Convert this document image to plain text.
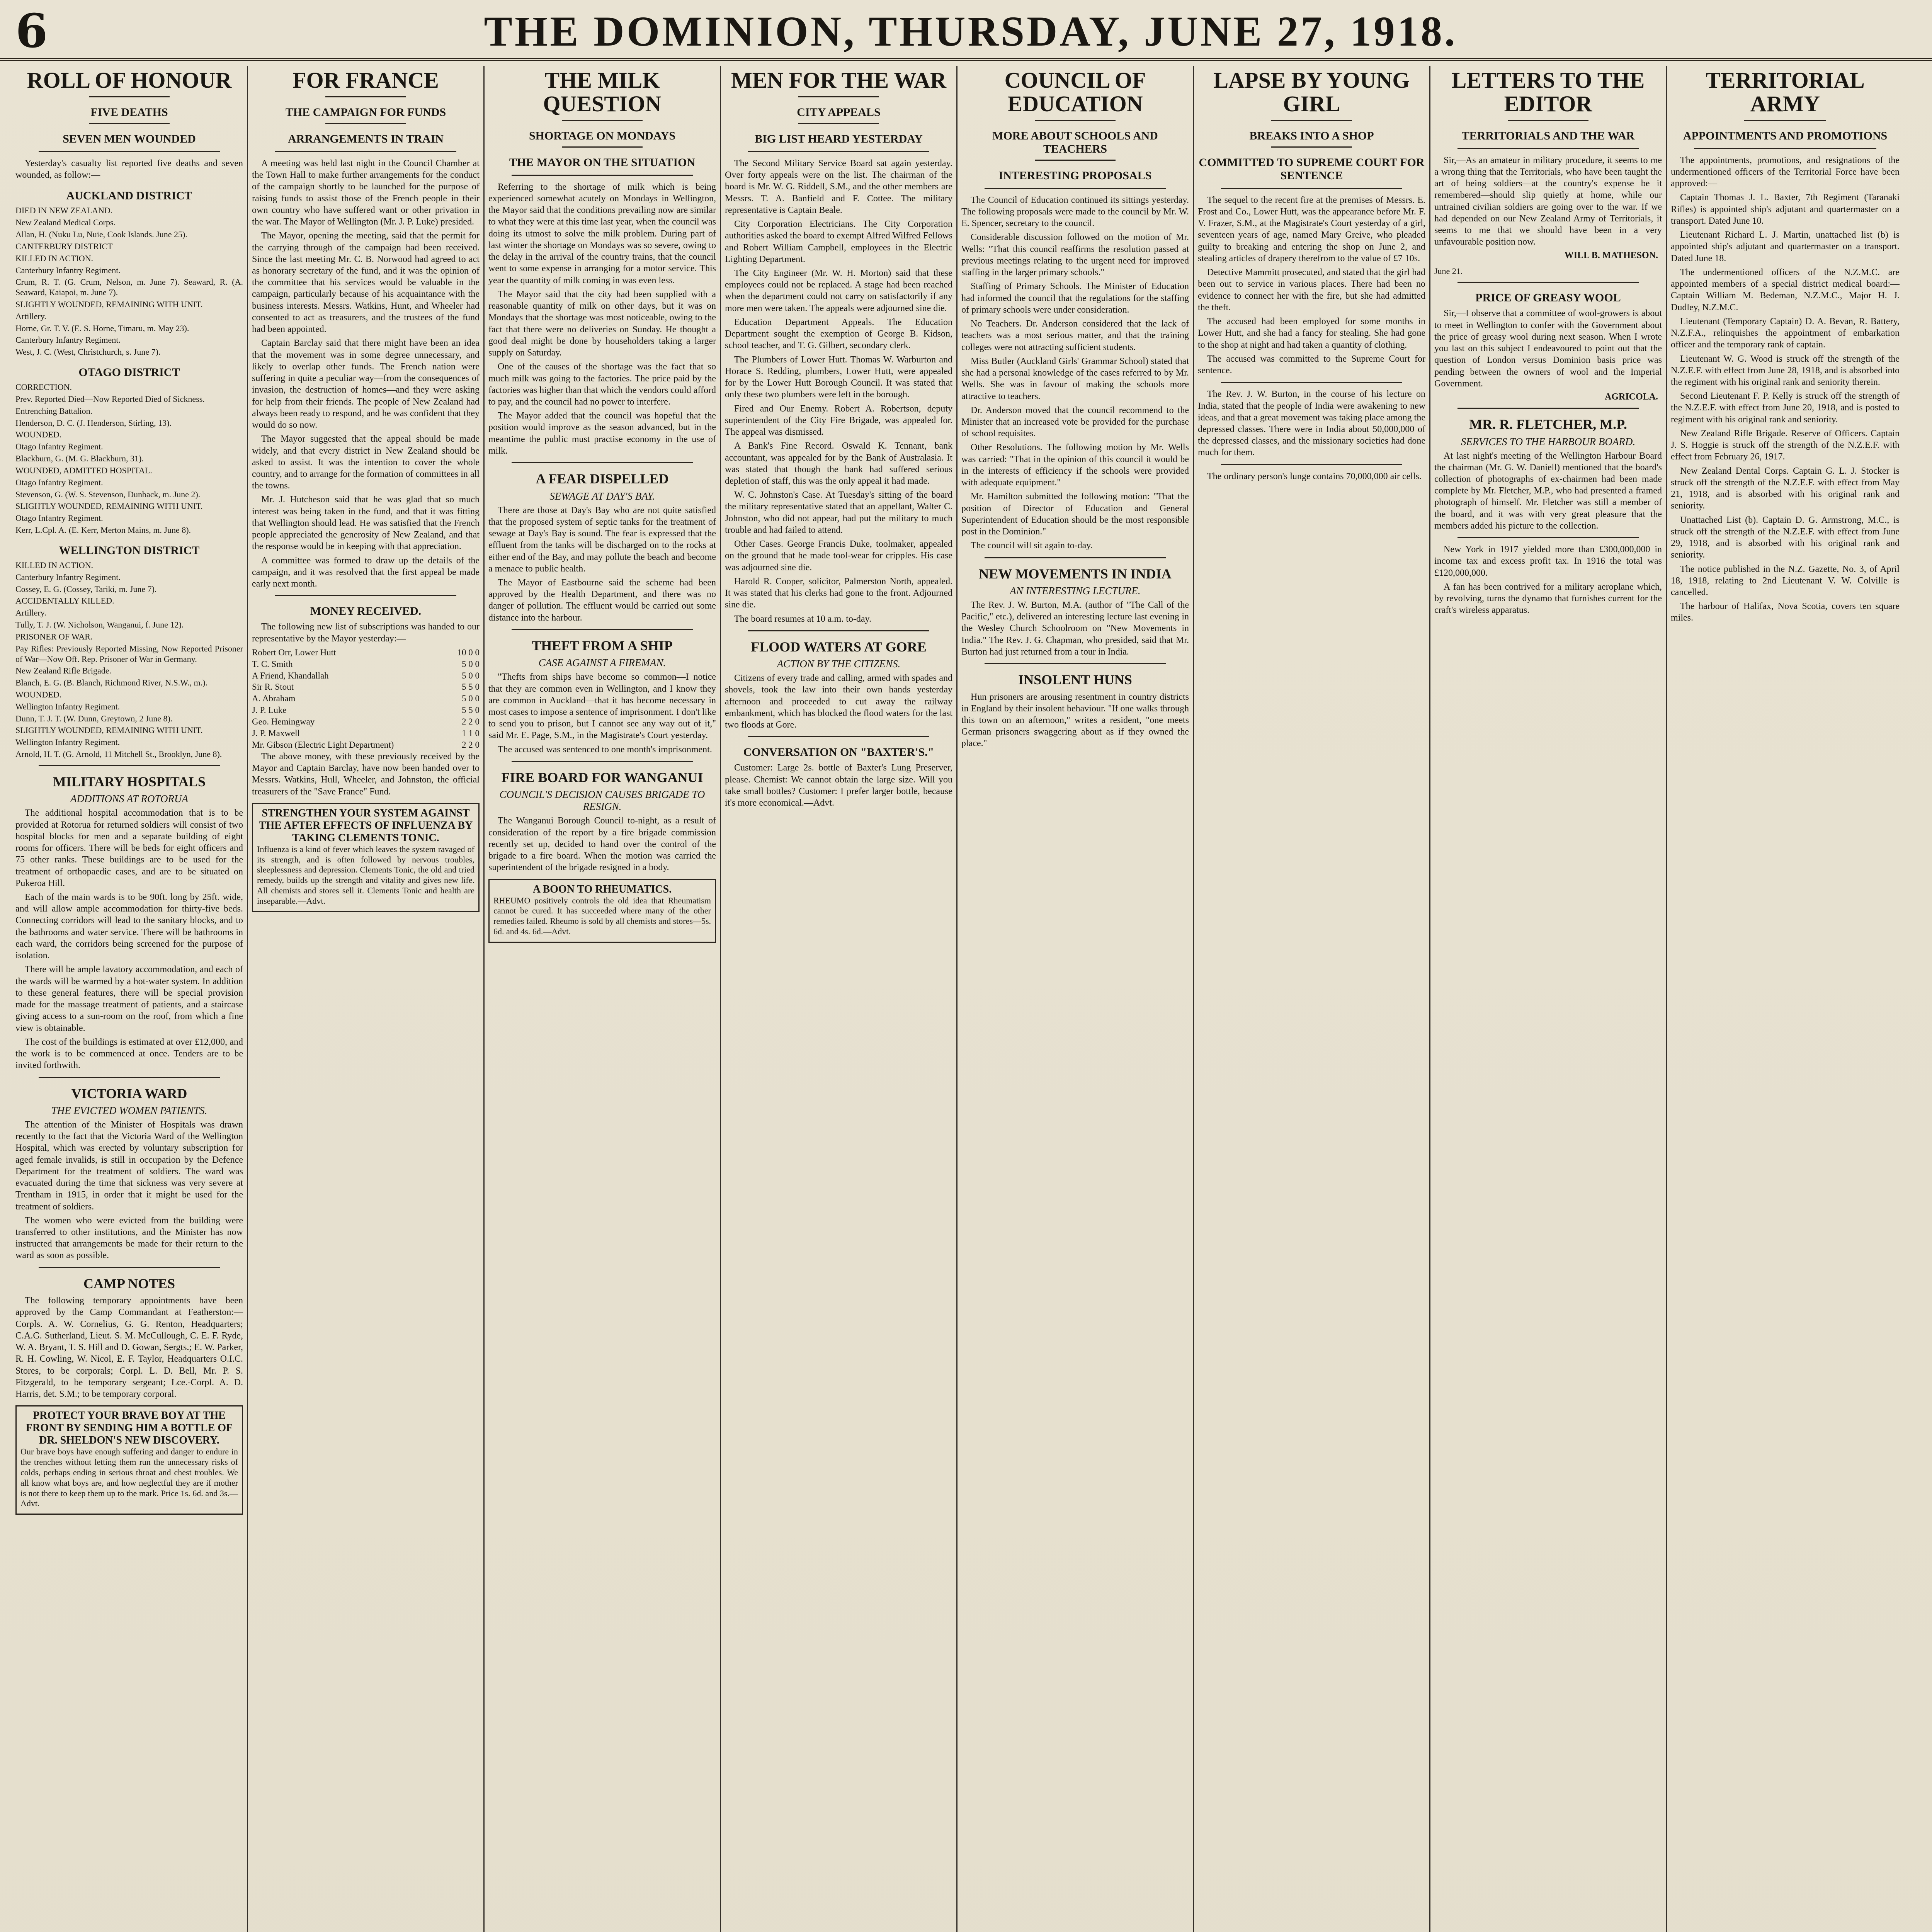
6	THE DOMINION, THURSDAY, JUNE 27, 1918.
ROLL OF HONOUR
FIVE DEATHS
SEVEN MEN WOUNDED

Yesterday's casualty list reported five deaths and seven wounded, as follow:—

AUCKLAND DISTRICT

DIED IN NEW ZEALAND.

New Zealand Medical Corps.

Allan, H. (Nuku Lu, Nuie, Cook Islands. June 25).

CANTERBURY DISTRICT

KILLED IN ACTION.

Canterbury Infantry Regiment.

Crum, R. T. (G. Crum, Nelson, m. June 7). Seaward, R. (A. Seaward, Kaiapoi, m. June 7).

SLIGHTLY WOUNDED, REMAINING WITH UNIT.

Artillery.

Horne, Gr. T. V. (E. S. Horne, Timaru, m. May 23).

Canterbury Infantry Regiment.

West, J. C. (West, Christchurch, s. June 7).

OTAGO DISTRICT

CORRECTION.

Prev. Reported Died—Now Reported Died of Sickness.

Entrenching Battalion.

Henderson, D. C. (J. Henderson, Stirling, 13).

WOUNDED.

Otago Infantry Regiment.

Blackburn, G. (M. G. Blackburn, 31).

WOUNDED, ADMITTED HOSPITAL.

Otago Infantry Regiment.

Stevenson, G. (W. S. Stevenson, Dunback, m. June 2).

SLIGHTLY WOUNDED, REMAINING WITH UNIT.

Otago Infantry Regiment.

Kerr, L.Cpl. A. (E. Kerr, Merton Mains, m. June 8).

WELLINGTON DISTRICT

KILLED IN ACTION.

Canterbury Infantry Regiment.

Cossey, E. G. (Cossey, Tariki, m. June 7).

ACCIDENTALLY KILLED.

Artillery.

Tully, T. J. (W. Nicholson, Wanganui, f. June 12).

PRISONER OF WAR.

Pay Rifles: Previously Reported Missing, Now Reported Prisoner of War—Now Off. Rep. Prisoner of War in Germany.

New Zealand Rifle Brigade.

Blanch, E. G. (B. Blanch, Richmond River, N.S.W., m.).

WOUNDED.

Wellington Infantry Regiment.

Dunn, T. J. T. (W. Dunn, Greytown, 2 June 8).

SLIGHTLY WOUNDED, REMAINING WITH UNIT.

Wellington Infantry Regiment.

Arnold, H. T. (G. Arnold, 11 Mitchell St., Brooklyn, June 8).

MILITARY HOSPITALS
ADDITIONS AT ROTORUA

The additional hospital accommodation that is to be provided at Rotorua for returned soldiers will consist of two hospital blocks for men and a separate building of eight rooms for officers. There will be beds for eight officers and 75 other ranks. These buildings are to be used for the treatment of orthopaedic cases, and are to be situated on Pukeroa Hill.

Each of the main wards is to be 90ft. long by 25ft. wide, and will allow ample accommodation for thirty-five beds. Connecting corridors will lead to the sanitary blocks, and to the bathrooms and water service. There will be bathrooms in each ward, the corridors being screened for the purpose of isolation.

There will be ample lavatory accommodation, and each of the wards will be warmed by a hot-water system. In addition to these general features, there will be special provision made for the massage treatment of patients, and a staircase giving access to a sun-room on the roof, from which a fine view is obtainable.

The cost of the buildings is estimated at over £12,000, and the work is to be commenced at once. Tenders are to be invited forthwith.

VICTORIA WARD
THE EVICTED WOMEN PATIENTS.

The attention of the Minister of Hospitals was drawn recently to the fact that the Victoria Ward of the Wellington Hospital, which was erected by voluntary subscription for aged female invalids, is still in occupation by the Defence Department for the treatment of soldiers. The ward was evacuated during the time that sickness was very severe at Trentham in 1915, in order that it might be used for the treatment of soldiers.

The women who were evicted from the building were transferred to other institutions, and the Minister has now instructed that arrangements be made for their return to the ward as soon as possible.

CAMP NOTES

The following temporary appointments have been approved by the Camp Commandant at Featherston:—Corpls. A. W. Cornelius, G. G. Renton, Headquarters; C.A.G. Sutherland, Lieut. S. M. McCullough, C. E. F. Ryde, W. A. Bryant, T. S. Hill and D. Gowan, Sergts.; E. W. Parker, R. H. Cowling, W. Nicol, E. F. Taylor, Headquarters O.I.C. Stores, to be corporals; Corpl. L. D. Bell, Mr. P. S. Fitzgerald, to be temporary sergeant; Lce.-Corpl. A. D. Harris, det. S.M.; to be temporary corporal.

PROTECT YOUR BRAVE BOY AT THE FRONT BY SENDING HIM A BOTTLE OF DR. SHELDON'S NEW DISCOVERY.

Our brave boys have enough suffering and danger to endure in the trenches without letting them run the unnecessary risks of colds, perhaps ending in serious throat and chest troubles. We all know what boys are, and how neglectful they are if mother is not there to keep them up to the mark. Price 1s. 6d. and 3s.—Advt.

FOR FRANCE
THE CAMPAIGN FOR FUNDS
ARRANGEMENTS IN TRAIN

A meeting was held last night in the Council Chamber at the Town Hall to make further arrangements for the conduct of the campaign shortly to be launched for the purpose of raising funds to assist those of the French people in their own country who have suffered want or other privation in the war. The Mayor of Wellington (Mr. J. P. Luke) presided.

The Mayor, opening the meeting, said that the permit for the carrying through of the campaign had been received. Since the last meeting Mr. C. B. Norwood had agreed to act as honorary secretary of the fund, and it was the opinion of the committee that his services would be valuable in the campaign, particularly because of his acquaintance with the business interests. Messrs. Watkins, Hunt, and Wheeler had consented to act as treasurers, and the trustees of the fund had been appointed.

Captain Barclay said that there might have been an idea that the movement was in some degree unnecessary, and likely to overlap other funds. The French nation were suffering in quite a peculiar way—from the consequences of invasion, the destruction of homes—and they were asking for help from their friends. The people of New Zealand had always been ready to respond, and he was confident that they would do so now.

The Mayor suggested that the appeal should be made widely, and that every district in New Zealand should be asked to assist. It was the intention to cover the whole country, and to arrange for the formation of committees in all the towns.

Mr. J. Hutcheson said that he was glad that so much interest was being taken in the fund, and that it was fitting that Wellington should lead. He was satisfied that the French people appreciated the generosity of New Zealand, and that the response would be in keeping with that appreciation.

A committee was formed to draw up the details of the campaign, and it was resolved that the first appeal be made early next month.

MONEY RECEIVED.

The following new list of subscriptions was handed to our representative by the Mayor yesterday:—

Robert Orr, Lower Hutt	10 0 0
T. C. Smith	5 0 0
A Friend, Khandallah	5 0 0
Sir R. Stout	5 5 0
A. Abraham	5 0 0
J. P. Luke	5 5 0
Geo. Hemingway	2 2 0
J. P. Maxwell	1 1 0
Mr. Gibson (Electric Light Department)	2 2 0

The above money, with these previously received by the Mayor and Captain Barclay, have now been handed over to Messrs. Watkins, Hull, Wheeler, and Johnston, the official treasurers of the "Save France" Fund.

STRENGTHEN YOUR SYSTEM AGAINST THE AFTER EFFECTS OF INFLUENZA BY TAKING CLEMENTS TONIC.

Influenza is a kind of fever which leaves the system ravaged of its strength, and is often followed by nervous troubles, sleeplessness and depression. Clements Tonic, the old and tried remedy, builds up the strength and vitality and gives new life. All chemists and stores sell it. Clements Tonic and health are inseparable.—Advt.

THE MILK QUESTION
SHORTAGE ON MONDAYS
THE MAYOR ON THE SITUATION

Referring to the shortage of milk which is being experienced somewhat acutely on Mondays in Wellington, the Mayor said that the conditions prevailing now are similar to what they were at this time last year, when the council was doing its utmost to solve the milk problem. During part of last winter the shortage on Mondays was so severe, owing to the delay in the arrival of the country trains, that the council went to some expense in arranging for a motor service. This year the quantity of milk coming in was even less.

The Mayor said that the city had been supplied with a reasonable quantity of milk on other days, but it was on Mondays that the shortage was most noticeable, owing to the fact that there were no deliveries on Sunday. He thought a good deal might be done by householders taking a larger supply on Saturday.

One of the causes of the shortage was the fact that so much milk was going to the factories. The price paid by the factories was higher than that which the vendors could afford to pay, and the council had no power to interfere.

The Mayor added that the council was hopeful that the position would improve as the season advanced, but in the meantime the public must practise economy in the use of milk.

A FEAR DISPELLED
SEWAGE AT DAY'S BAY.

There are those at Day's Bay who are not quite satisfied that the proposed system of septic tanks for the treatment of sewage at Day's Bay is sound. The fear is expressed that the effluent from the tanks will be discharged on to the rocks at either end of the Bay, and may pollute the beach and become a menace to public health.

The Mayor of Eastbourne said the scheme had been approved by the Health Department, and there was no danger of pollution. The effluent would be carried out some distance into the harbour.

THEFT FROM A SHIP
CASE AGAINST A FIREMAN.

"Thefts from ships have become so common—I notice that they are common even in Wellington, and I know they are common in Auckland—that it has become necessary in most cases to impose a sentence of imprisonment. I don't like to send you to prison, but I cannot see any way out of it," said Mr. E. Page, S.M., in the Magistrate's Court yesterday.

The accused was sentenced to one month's imprisonment.

FIRE BOARD FOR WANGANUI
COUNCIL'S DECISION CAUSES BRIGADE TO RESIGN.

The Wanganui Borough Council to-night, as a result of consideration of the report by a fire brigade commission recently set up, decided to hand over the control of the brigade to a fire board. When the motion was carried the superintendent of the brigade resigned in a body.

A BOON TO RHEUMATICS.

RHEUMO positively controls the old idea that Rheumatism cannot be cured. It has succeeded where many of the other remedies failed. Rheumo is sold by all chemists and stores—5s. 6d. and 4s. 6d.—Advt.

MEN FOR THE WAR
CITY APPEALS
BIG LIST HEARD YESTERDAY

The Second Military Service Board sat again yesterday. Over forty appeals were on the list. The chairman of the board is Mr. W. G. Riddell, S.M., and the other members are Messrs. T. A. Banfield and F. Cottee. The military representative is Captain Beale.

City Corporation Electricians. The City Corporation authorities asked the board to exempt Alfred Wilfred Fellows and Robert William Campbell, employees in the Electric Lighting Department.

The City Engineer (Mr. W. H. Morton) said that these employees could not be replaced. A stage had been reached when the department could not carry on satisfactorily if any more men were taken. The appeals were adjourned sine die.

Education Department Appeals. The Education Department sought the exemption of George B. Kidson, school teacher, and T. G. Gilbert, secondary clerk.

The Plumbers of Lower Hutt. Thomas W. Warburton and Horace S. Redding, plumbers, Lower Hutt, were appealed for by the Lower Hutt Borough Council. It was stated that only these two plumbers were left in the borough.

Fired and Our Enemy. Robert A. Robertson, deputy superintendent of the City Fire Brigade, was appealed for. The appeal was dismissed.

A Bank's Fine Record. Oswald K. Tennant, bank accountant, was appealed for by the Bank of Australasia. It was stated that though the bank had suffered serious depletion of staff, this was the only appeal it had made.

W. C. Johnston's Case. At Tuesday's sitting of the board the military representative stated that an appellant, Walter C. Johnston, who did not appear, had put the military to much trouble and had failed to attend.

Other Cases. George Francis Duke, toolmaker, appealed on the ground that he made tool-wear for cripples. His case was adjourned sine die.

Harold R. Cooper, solicitor, Palmerston North, appealed. It was stated that his clerks had gone to the front. Adjourned sine die.

The board resumes at 10 a.m. to-day.

FLOOD WATERS AT GORE
ACTION BY THE CITIZENS.

Citizens of every trade and calling, armed with spades and shovels, took the law into their own hands yesterday afternoon and proceeded to cut away the railway embankment, which has blocked the flood waters for the last two floods at Gore.

CONVERSATION ON "BAXTER'S."

Customer: Large 2s. bottle of Baxter's Lung Preserver, please. Chemist: We cannot obtain the large size. Will you take small bottles? Customer: I prefer larger bottle, because it's more economical.—Advt.

COUNCIL OF EDUCATION
MORE ABOUT SCHOOLS AND TEACHERS
INTERESTING PROPOSALS

The Council of Education continued its sittings yesterday. The following proposals were made to the council by Mr. W. E. Spencer, secretary to the council.

Considerable discussion followed on the motion of Mr. Wells: "That this council reaffirms the resolution passed at previous meetings relating to the urgent need for improved staffing in the larger primary schools."

Staffing of Primary Schools. The Minister of Education had informed the council that the regulations for the staffing of primary schools were under consideration.

No Teachers. Dr. Anderson considered that the lack of teachers was a most serious matter, and that the training colleges were not attracting sufficient students.

Miss Butler (Auckland Girls' Grammar School) stated that she had a personal knowledge of the cases referred to by Mr. Wells. She was in favour of making the schools more attractive to teachers.

Dr. Anderson moved that the council recommend to the Minister that an increased vote be provided for the purchase of school requisites.

Other Resolutions. The following motion by Mr. Wells was carried: "That in the opinion of this council it would be in the interests of efficiency if the schools were provided with adequate equipment."

Mr. Hamilton submitted the following motion: "That the position of Director of Education and General Superintendent of Education should be the most responsible post in the Dominion."

The council will sit again to-day.

NEW MOVEMENTS IN INDIA
AN INTERESTING LECTURE.

The Rev. J. W. Burton, M.A. (author of "The Call of the Pacific," etc.), delivered an interesting lecture last evening in the Wesley Church Schoolroom on "New Movements in India." The Rev. J. G. Chapman, who presided, said that Mr. Burton had just returned from a tour in India.

INSOLENT HUNS

Hun prisoners are arousing resentment in country districts in England by their insolent behaviour. "If one walks through this town on an afternoon," writes a resident, "one meets German prisoners swaggering about as if they owned the place."

LAPSE BY YOUNG GIRL
BREAKS INTO A SHOP
COMMITTED TO SUPREME COURT FOR SENTENCE

The sequel to the recent fire at the premises of Messrs. E. Frost and Co., Lower Hutt, was the appearance before Mr. F. V. Frazer, S.M., at the Magistrate's Court yesterday of a girl, seventeen years of age, named Mary Greive, who pleaded guilty to breaking and entering the shop on June 2, and stealing articles of drapery therefrom to the value of £7 10s.

Detective Mammitt prosecuted, and stated that the girl had been out to service in various places. There had been no evidence to connect her with the fire, but she had admitted the theft.

The accused had been employed for some months in Lower Hutt, and she had a fancy for stealing. She had gone to the shop at night and had taken a quantity of clothing.

The accused was committed to the Supreme Court for sentence.

The Rev. J. W. Burton, in the course of his lecture on India, stated that the people of India were awakening to new ideas, and that a great movement was taking place among the depressed classes. There were in India about 50,000,000 of the depressed classes, and the missionary societies had done much for them.

The ordinary person's lunge contains 70,000,000 air cells.

LETTERS TO THE EDITOR
TERRITORIALS AND THE WAR

Sir,—As an amateur in military procedure, it seems to me a wrong thing that the Territorials, who have been taught the art of being soldiers—at the country's expense be it remembered—should slip quietly at home, while our untrained civilian soldiers are going over to the war. If we had depended on our New Zealand Army of Territorials, it seems to me that we should have been in a very unfavourable position now.

WILL B. MATHESON.

June 21.

PRICE OF GREASY WOOL

Sir,—I observe that a committee of wool-growers is about to meet in Wellington to confer with the Government about the price of greasy wool during next season. When I wrote you last on this subject I endeavoured to point out that the question of London versus Dominion basis price was pending between the owners of wool and the Imperial Government.

AGRICOLA.
MR. R. FLETCHER, M.P.
SERVICES TO THE HARBOUR BOARD.

At last night's meeting of the Wellington Harbour Board the chairman (Mr. G. W. Daniell) mentioned that the board's collection of photographs of ex-chairmen had been made complete by Mr. Fletcher, M.P., who had presented a framed photograph of himself. Mr. Fletcher was still a member of the board, and it was with very great pleasure that the members added his picture to the collection.

New York in 1917 yielded more than £300,000,000 in income tax and excess profit tax. In 1916 the total was £120,000,000.

A fan has been contrived for a military aeroplane which, by revolving, turns the dynamo that furnishes current for the craft's wireless apparatus.

TERRITORIAL ARMY
APPOINTMENTS AND PROMOTIONS

The appointments, promotions, and resignations of the undermentioned officers of the Territorial Force have been approved:—

Captain Thomas J. L. Baxter, 7th Regiment (Taranaki Rifles) is appointed ship's adjutant and quartermaster on a transport. Dated June 10.

Lieutenant Richard L. J. Martin, unattached list (b) is appointed ship's adjutant and quartermaster on a transport. Dated June 18.

The undermentioned officers of the N.Z.M.C. are appointed members of a special district medical board:—Captain William M. Bedeman, N.Z.M.C., Major H. J. Dudley, N.Z.M.C.

Lieutenant (Temporary Captain) D. A. Bevan, R. Battery, N.Z.F.A., relinquishes the appointment of embarkation officer and the temporary rank of captain.

Lieutenant W. G. Wood is struck off the strength of the N.Z.E.F. with effect from June 28, 1918, and is absorbed into the regiment with his original rank and seniority therein.

Second Lieutenant F. P. Kelly is struck off the strength of the N.Z.E.F. with effect from June 20, 1918, and is posted to regiment with his original rank and seniority.

New Zealand Rifle Brigade. Reserve of Officers. Captain J. S. Hoggie is struck off the strength of the N.Z.E.F. with effect from February 26, 1917.

New Zealand Dental Corps. Captain G. L. J. Stocker is struck off the strength of the N.Z.E.F. with effect from May 21, 1918, and is absorbed with his original rank and seniority.

Unattached List (b). Captain D. G. Armstrong, M.C., is struck off the strength of the N.Z.E.F. with effect from June 29, 1918, and is absorbed with his original rank and seniority.

The notice published in the N.Z. Gazette, No. 3, of April 18, 1918, relating to 2nd Lieutenant V. W. Colville is cancelled.

The harbour of Halifax, Nova Scotia, covers ten square miles.
